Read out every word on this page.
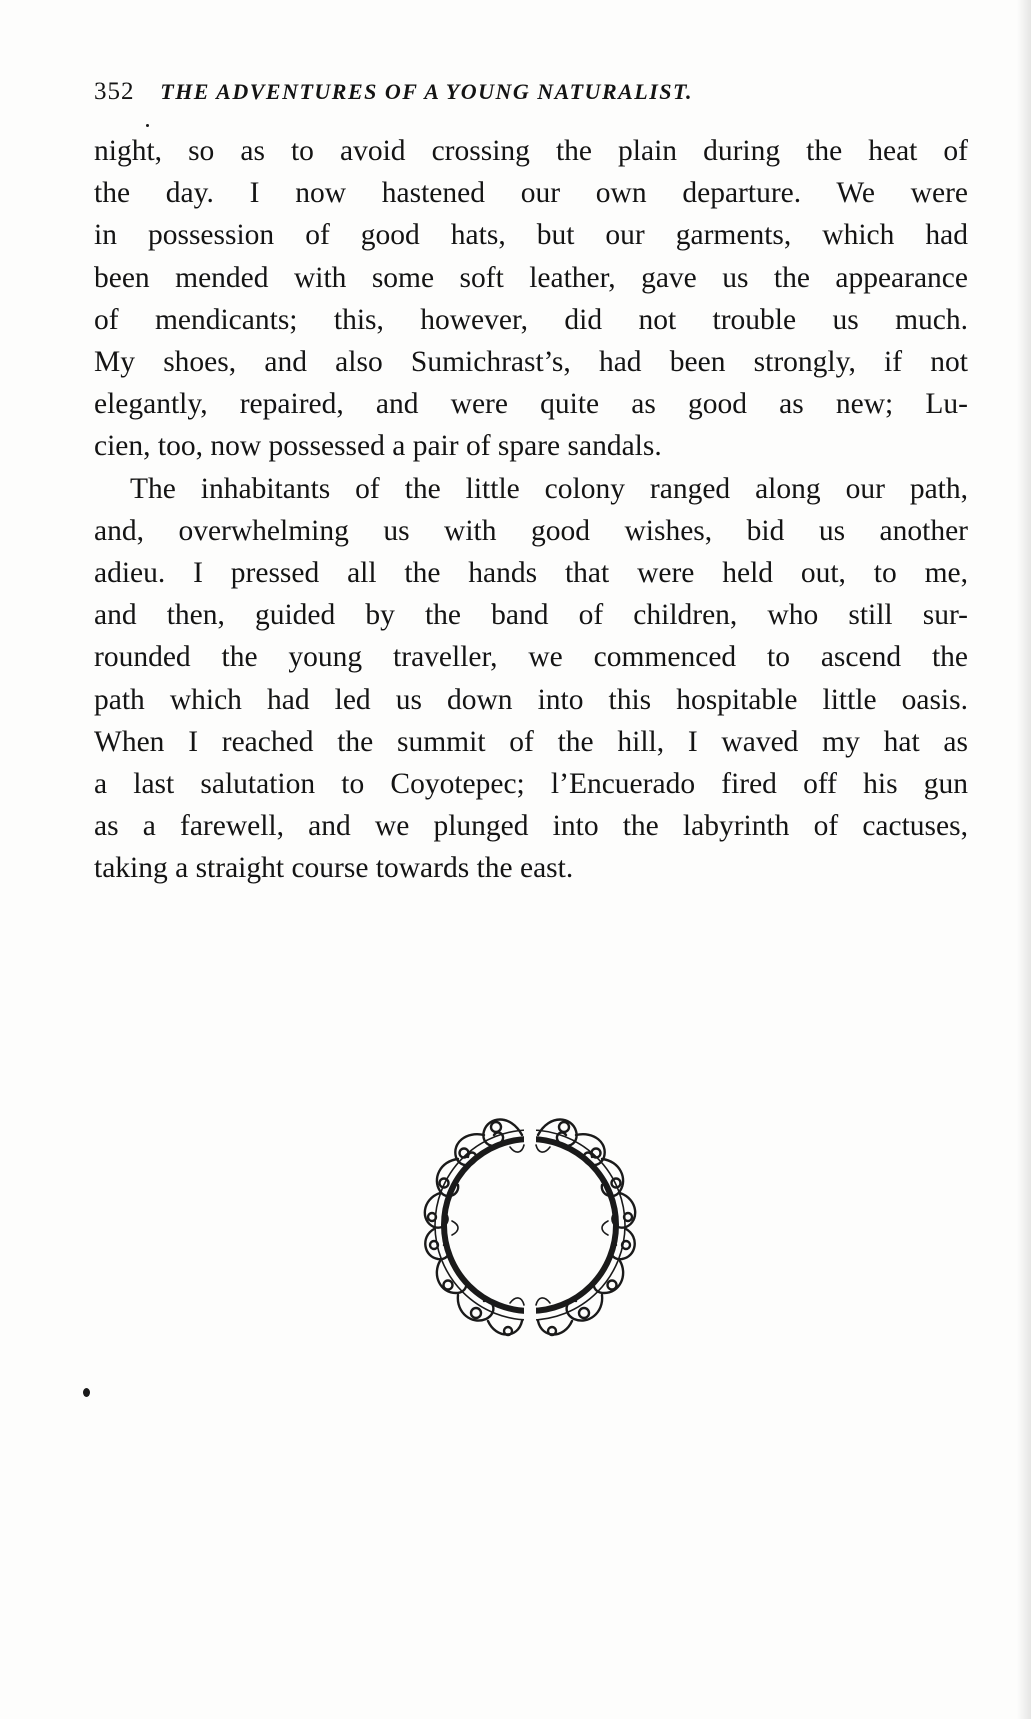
352 THE ADVENTURES OF A YOUNG NATURALIST.

night, so as to avoid crossing the plain during the heat of
the day. I now hastened our own departure. We were
in possession of good hats, but our garments, which had
been mended with some soft leather, gave us the appearance
of mendicants; this, however, did not trouble us much.
My shoes, and also Sumichrast’s, had been strongly, if not
elegantly, repaired, and were quite as good as new; Lu-
cien, too, now possessed a pair of spare sandals.

The inhabitants of the little colony ranged along our path,
and, overwhelming us with good wishes, bid us another
adieu. I pressed all the hands that were held out, to me,
and then, guided by the band of children, who still sur-
rounded the young traveller, we commenced to ascend the
path which had led us down into this hospitable little oasis.
When I reached the summit of the hill, I waved my hat as
a last salutation to Coyotepec; l’Encuerado fired off his gun
as a farewell, and we plunged into the labyrinth of cactuses,
taking a straight course towards the east.
